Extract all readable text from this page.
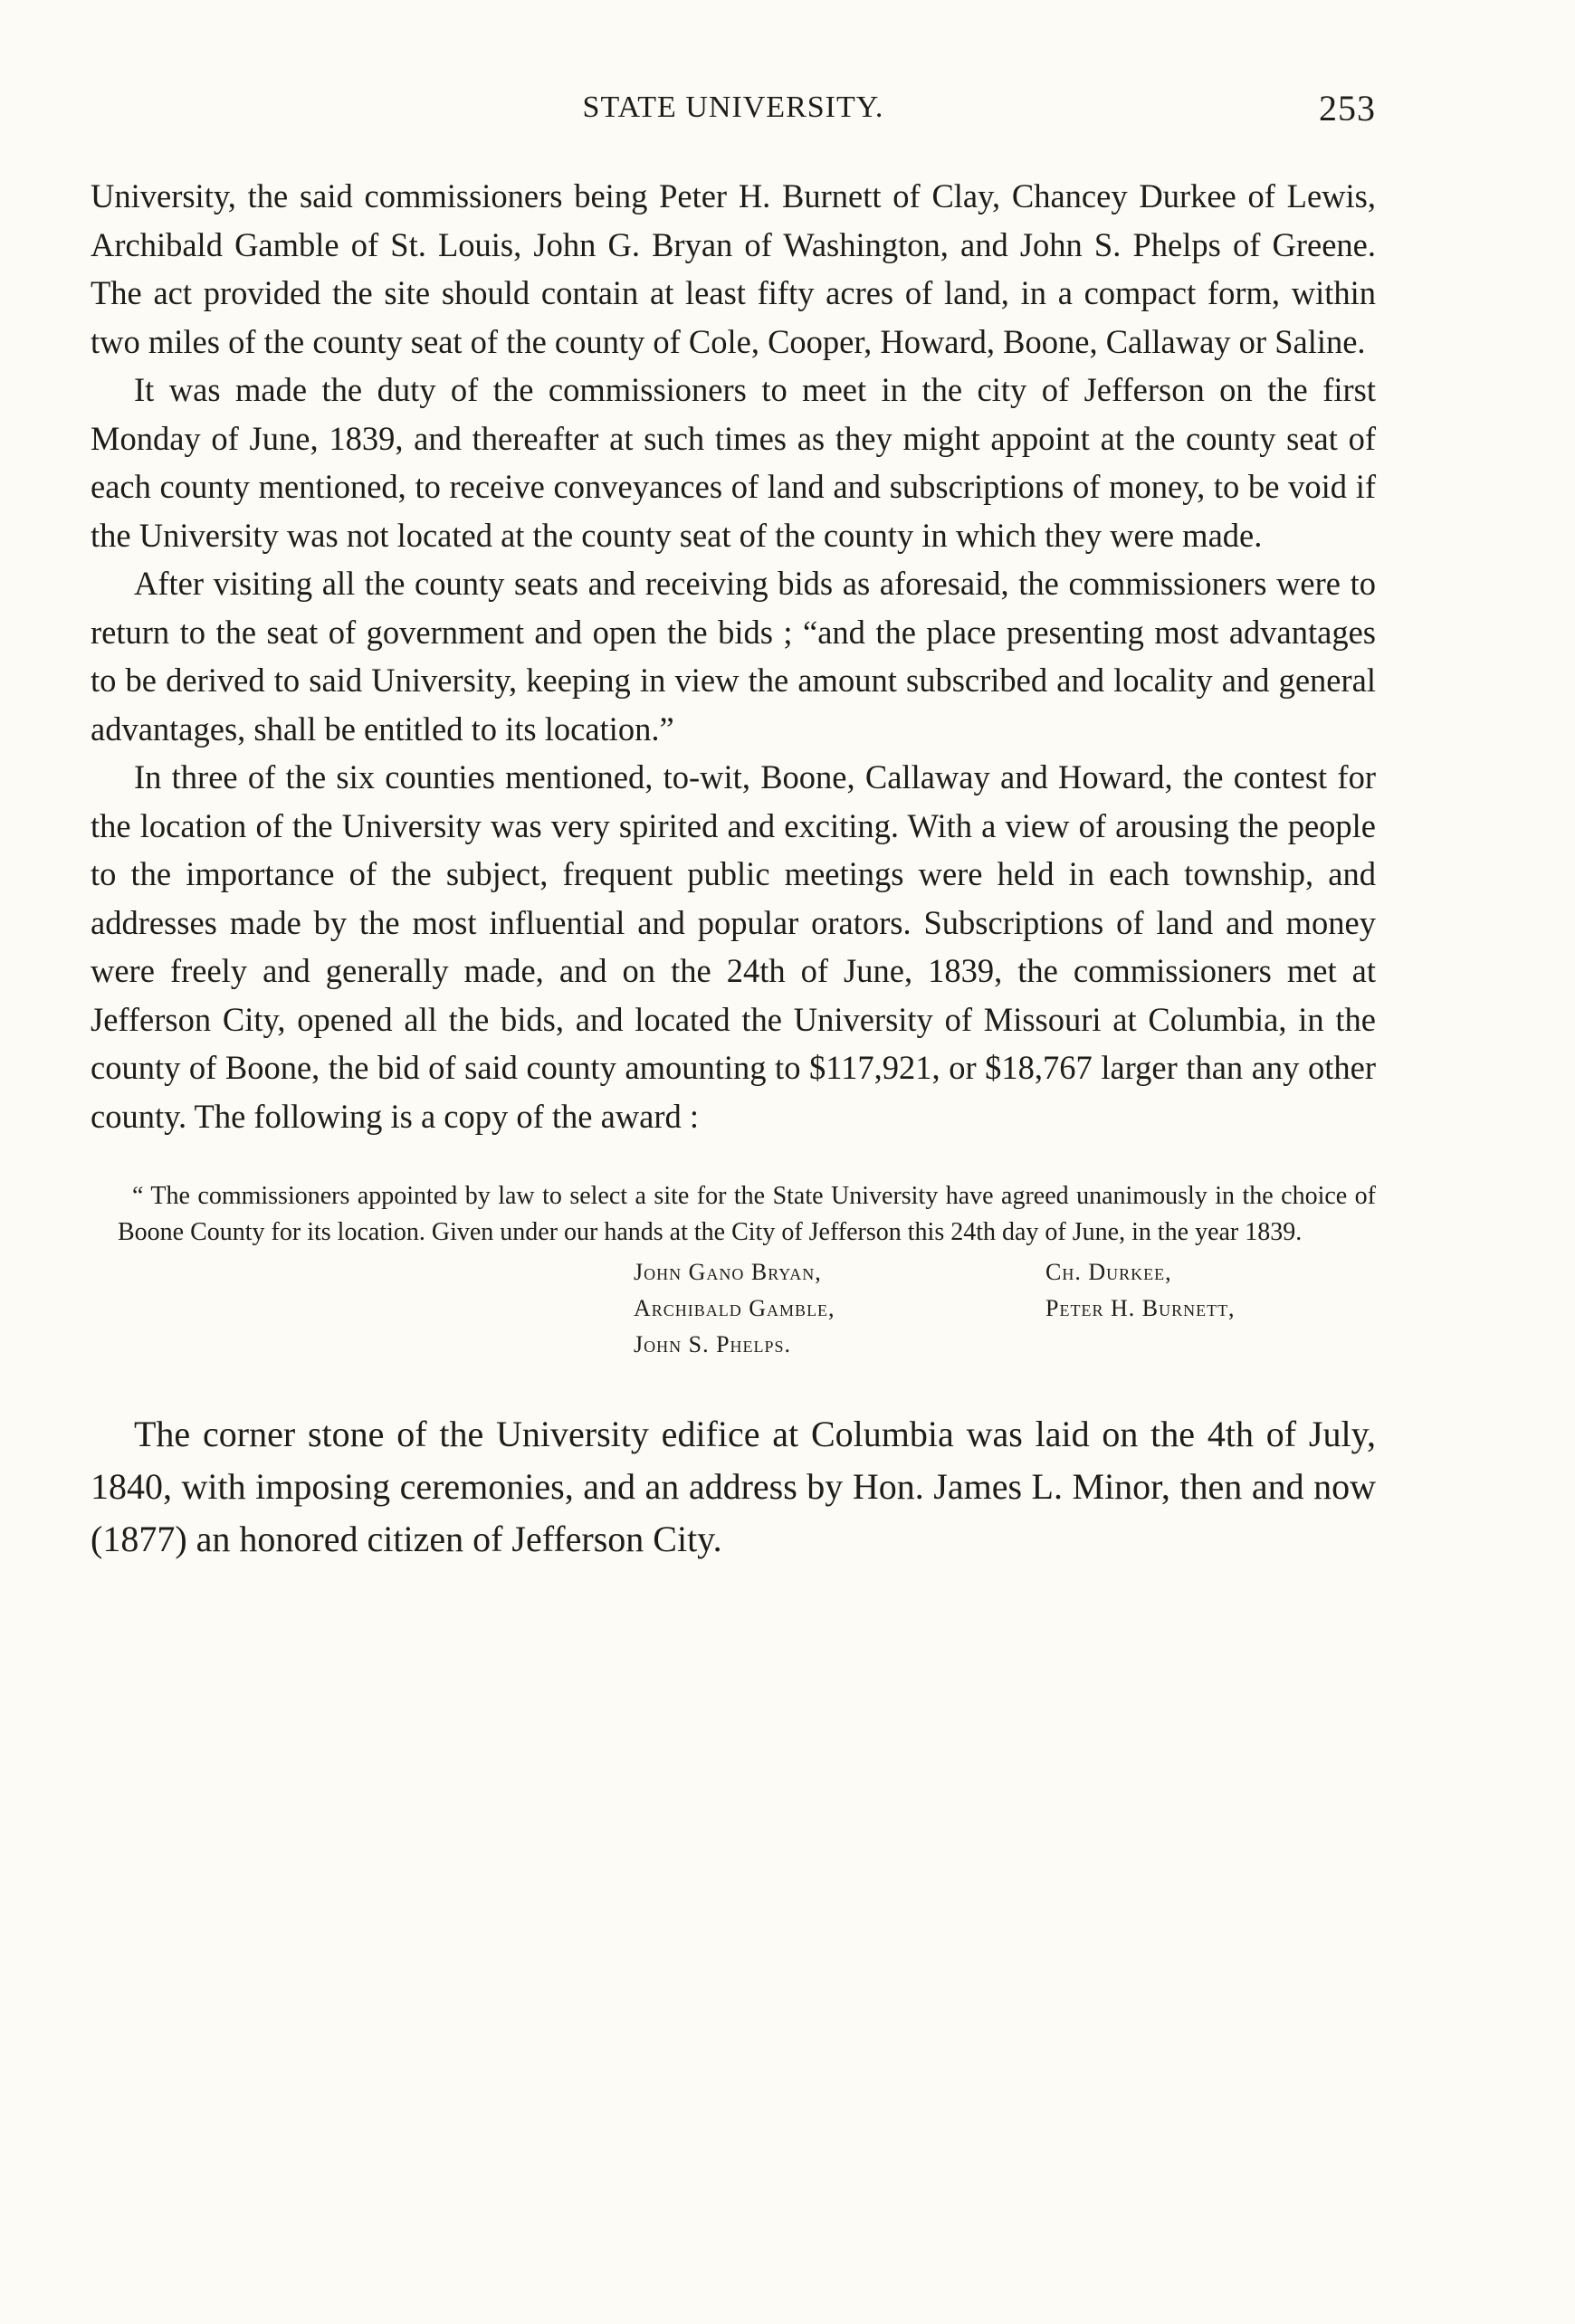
STATE UNIVERSITY.	253

University, the said commissioners being Peter H. Burnett of Clay, Chancey Durkee of Lewis, Archibald Gamble of St. Louis, John G. Bryan of Washington, and John S. Phelps of Greene. The act provided the site should contain at least fifty acres of land, in a compact form, within two miles of the county seat of the county of Cole, Cooper, Howard, Boone, Callaway or Saline.

It was made the duty of the commissioners to meet in the city of Jefferson on the first Monday of June, 1839, and thereafter at such times as they might appoint at the county seat of each county mentioned, to receive conveyances of land and subscriptions of money, to be void if the University was not located at the county seat of the county in which they were made.

After visiting all the county seats and receiving bids as aforesaid, the commissioners were to return to the seat of government and open the bids ; “and the place presenting most advantages to be derived to said University, keeping in view the amount subscribed and locality and general advantages, shall be entitled to its location.”

In three of the six counties mentioned, to-wit, Boone, Callaway and Howard, the contest for the location of the University was very spirited and exciting. With a view of arousing the people to the importance of the subject, frequent public meetings were held in each township, and addresses made by the most influential and popular orators. Subscriptions of land and money were freely and generally made, and on the 24th of June, 1839, the commissioners met at Jefferson City, opened all the bids, and located the University of Missouri at Columbia, in the county of Boone, the bid of said county amounting to $117,921, or $18,767 larger than any other county. The following is a copy of the award :

“ The commissioners appointed by law to select a site for the State University have agreed unanimously in the choice of Boone County for its location. Given under our hands at the City of Jefferson this 24th day of June, in the year 1839.

John Gano Bryan,	Ch. Durkee,
Archibald Gamble,	Peter H. Burnett,
John S. Phelps.

The corner stone of the University edifice at Columbia was laid on the 4th of July, 1840, with imposing ceremonies, and an address by Hon. James L. Minor, then and now (1877) an honored citizen of Jefferson City.
